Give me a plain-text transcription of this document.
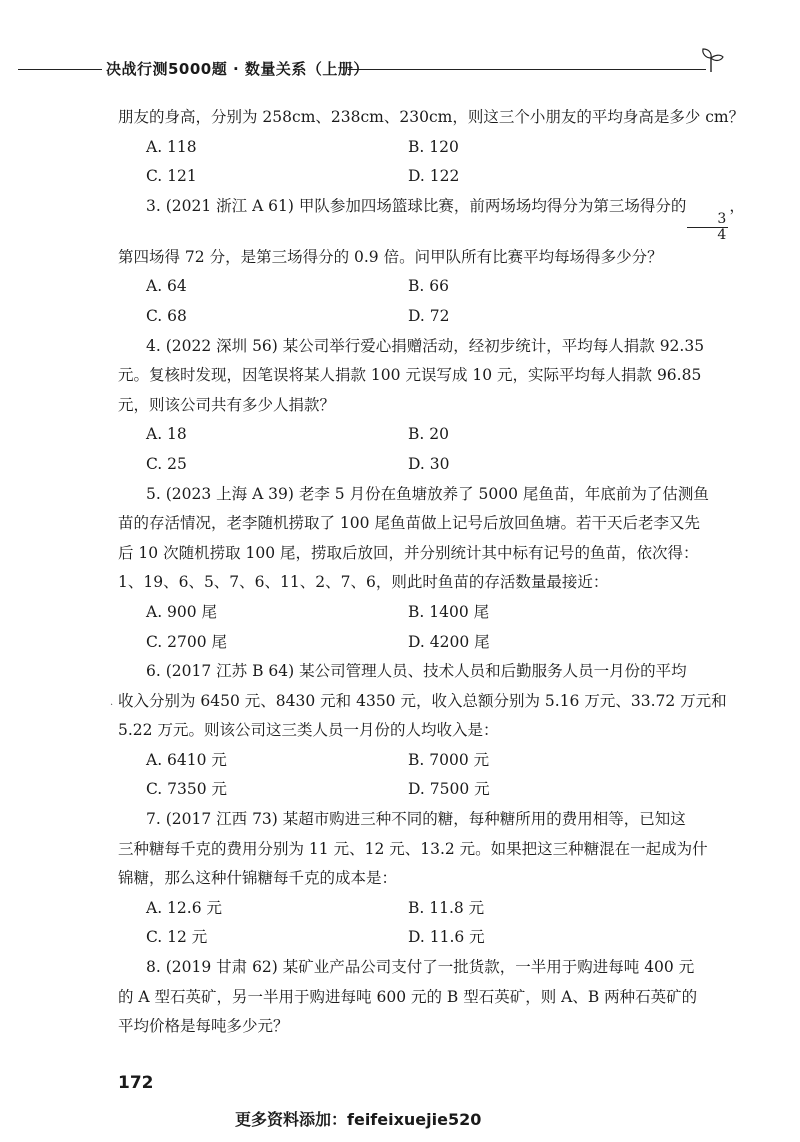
决战行测5000题 · 数量关系（上册）
·
朋友的身高，分别为 258cm、238cm、230cm，则这三个小朋友的平均身高是多少 cm？
A. 118	B. 120
C. 121	D. 122
3. (2021 浙江 A 61) 甲队参加四场篮球比赛，前两场场均得分为第三场得分的
$\frac{3}{4}$
，
第四场得 72 分，是第三场得分的 0.9 倍。问甲队所有比赛平均每场得多少分？
A. 64	B. 66
C. 68	D. 72
4. (2022 深圳 56) 某公司举行爱心捐赠活动，经初步统计，平均每人捐款 92.35
元。复核时发现，因笔误将某人捐款 100 元误写成 10 元，实际平均每人捐款 96.85
元，则该公司共有多少人捐款？
A. 18	B. 20
C. 25	D. 30
5. (2023 上海 A 39) 老李 5 月份在鱼塘放养了 5000 尾鱼苗，年底前为了估测鱼
苗的存活情况，老李随机捞取了 100 尾鱼苗做上记号后放回鱼塘。若干天后老李又先
后 10 次随机捞取 100 尾，捞取后放回，并分别统计其中标有记号的鱼苗，依次得：
1、19、6、5、7、6、11、2、7、6，则此时鱼苗的存活数量最接近：
A. 900 尾	B. 1400 尾
C. 2700 尾	D. 4200 尾
6. (2017 江苏 B 64) 某公司管理人员、技术人员和后勤服务人员一月份的平均
收入分别为 6450 元、8430 元和 4350 元，收入总额分别为 5.16 万元、33.72 万元和
5.22 万元。则该公司这三类人员一月份的人均收入是：
A. 6410 元	B. 7000 元
C. 7350 元	D. 7500 元
7. (2017 江西 73) 某超市购进三种不同的糖，每种糖所用的费用相等，已知这
三种糖每千克的费用分别为 11 元、12 元、13.2 元。如果把这三种糖混在一起成为什
锦糖，那么这种什锦糖每千克的成本是：
A. 12.6 元	B. 11.8 元
C. 12 元	D. 11.6 元
8. (2019 甘肃 62) 某矿业产品公司支付了一批货款，一半用于购进每吨 400 元
的 A 型石英矿，另一半用于购进每吨 600 元的 B 型石英矿，则 A、B 两种石英矿的
平均价格是每吨多少元？
172
更多资料添加：feifeixuejie520
